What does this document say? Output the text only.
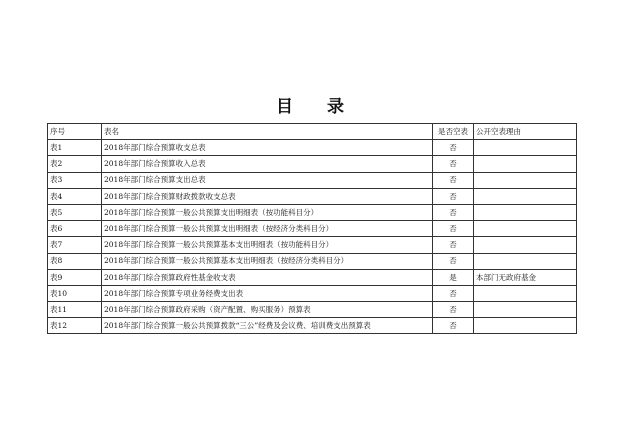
目 录
序号	表名	是否空表	公开空表理由
表1	2018年部门综合预算收支总表	否	
表2	2018年部门综合预算收入总表	否	
表3	2018年部门综合预算支出总表	否	
表4	2018年部门综合预算财政拨款收支总表	否	
表5	2018年部门综合预算一般公共预算支出明细表（按功能科目分）	否	
表6	2018年部门综合预算一般公共预算支出明细表（按经济分类科目分）	否	
表7	2018年部门综合预算一般公共预算基本支出明细表（按功能科目分）	否	
表8	2018年部门综合预算一般公共预算基本支出明细表（按经济分类科目分）	否	
表9	2018年部门综合预算政府性基金收支表	是	本部门无政府基金
表10	2018年部门综合预算专项业务经费支出表	否	
表11	2018年部门综合预算政府采购（资产配置、购买服务）预算表	否	
表12	2018年部门综合预算一般公共预算拨款“三公”经费及会议费、培训费支出预算表	否	
